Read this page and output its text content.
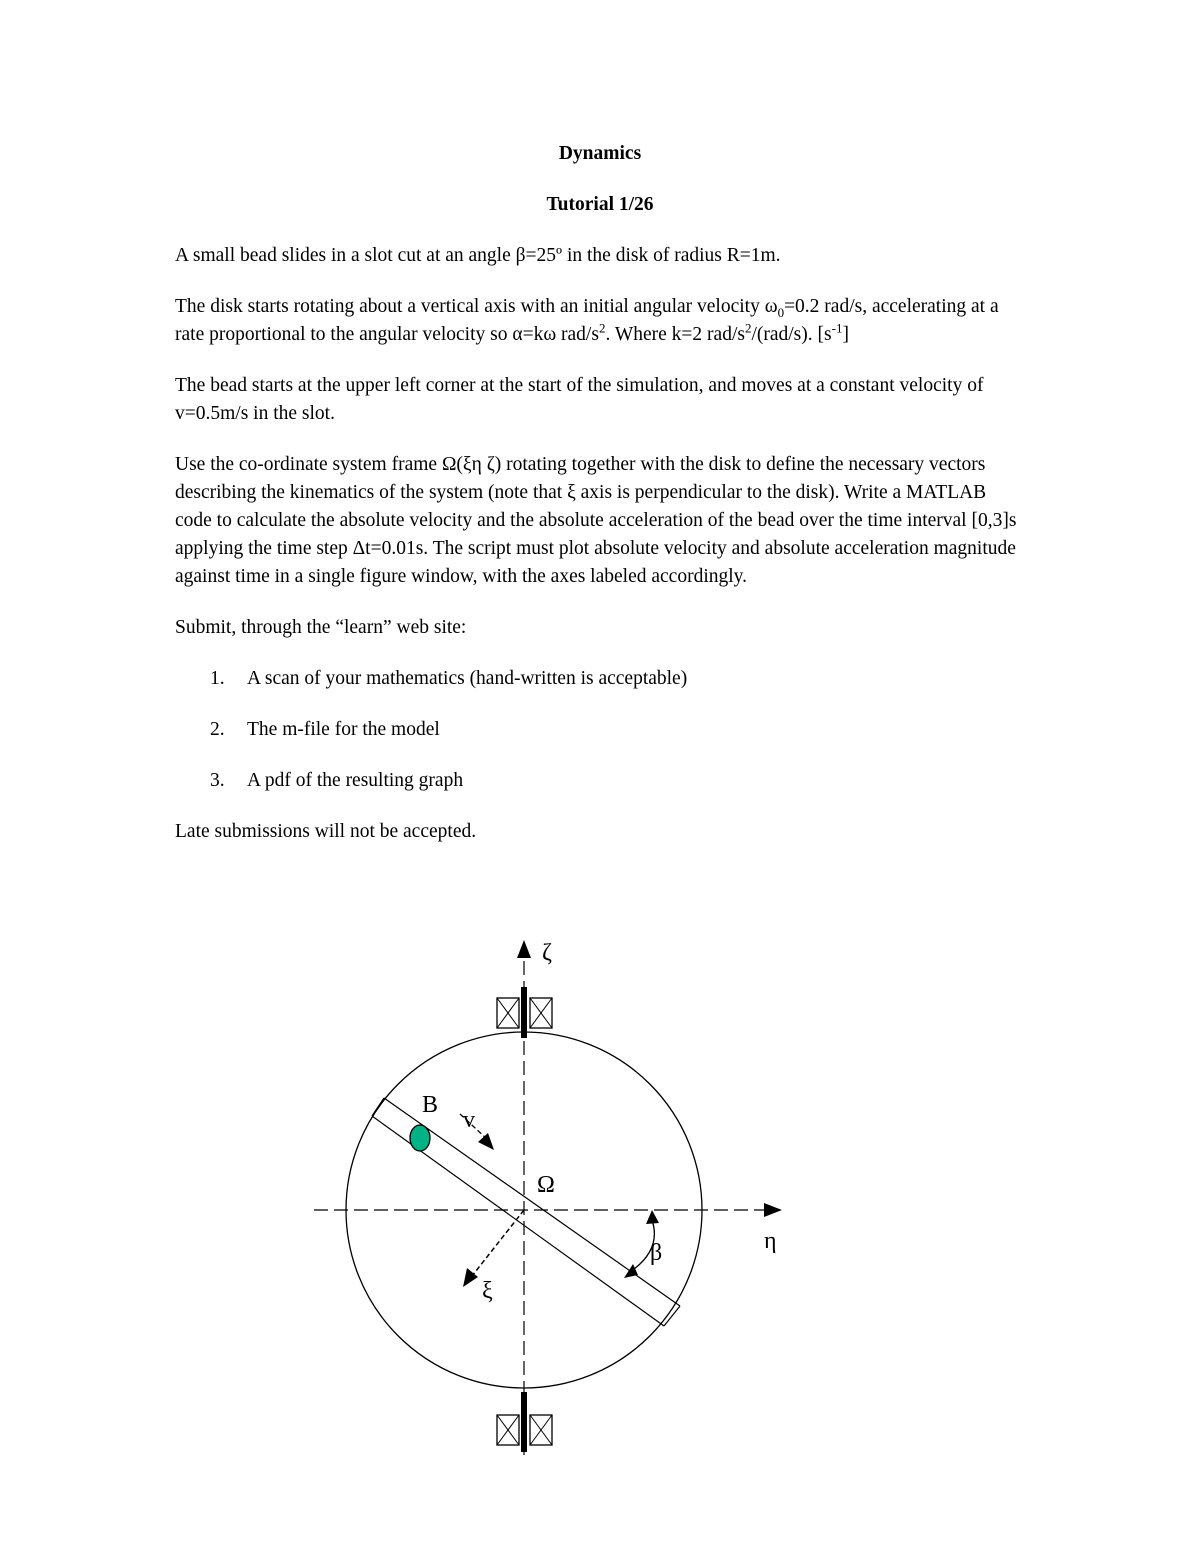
Dynamics
Tutorial 1/26

A small bead slides in a slot cut at an angle β=25º in the disk of radius R=1m.

The disk starts rotating about a vertical axis with an initial angular velocity $\omega_0=0.2$ rad/s, accelerating at a rate proportional to the angular velocity so α=kω rad/$s^2$. Where k=2 rad/$s^2/(rad/s)$. $[s^{-1}]$

The bead starts at the upper left corner at the start of the simulation, and moves at a constant velocity of v=0.5m/s in the slot.

Use the co-ordinate system frame Ω(ξη ζ) rotating together with the disk to define the necessary vectors describing the kinematics of the system (note that ξ axis is perpendicular to the disk). Write a MATLAB code to calculate the absolute velocity and the absolute acceleration of the bead over the time interval [0,3]s applying the time step Δt=0.01s. The script must plot absolute velocity and absolute acceleration magnitude against time in a single figure window, with the axes labeled accordingly.

Submit, through the “learn” web site:

1. A scan of your mathematics (hand-written is acceptable)
2. The m-file for the model
3. A pdf of the resulting graph

Late submissions will not be accepted.

B
v
Ω
ξ
β	η
ζ
